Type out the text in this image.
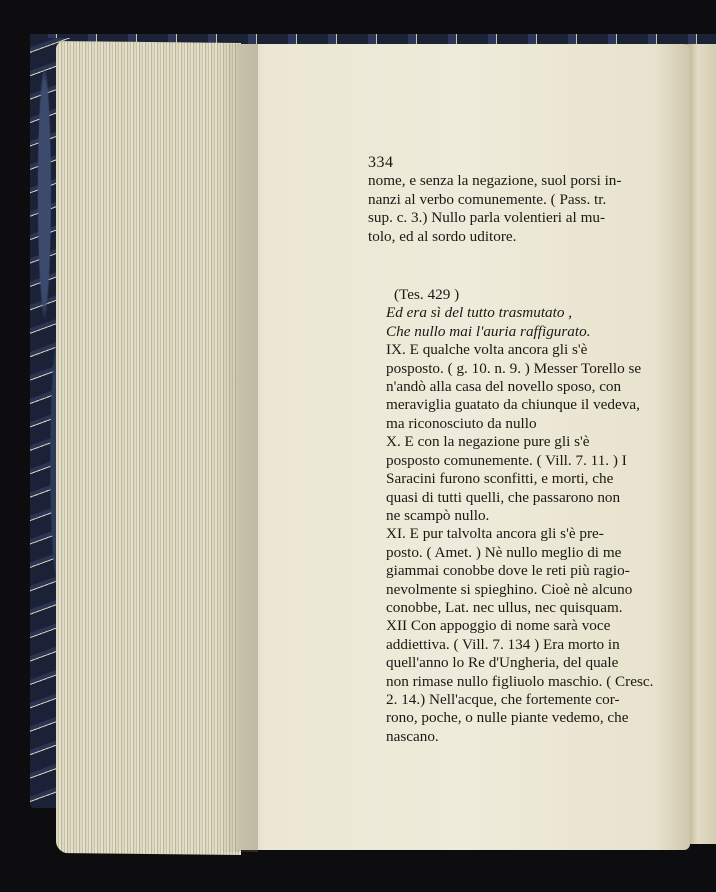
334

nome, e senza la negazione, suol porsi in-
nanzi al verbo comunemente. ( Pass. tr.
sup. c. 3.) Nullo parla volentieri al mu-
tolo, ed al sordo uditore.

(Tes. 429 )
Ed era sì del tutto trasmutato ,
Che nullo mai l'auria raffigurato.

IX. E qualche volta ancora gli s'è
posposto. ( g. 10. n. 9. ) Messer Torello se
n'andò alla casa del novello sposo, con
meraviglia guatato da chiunque il vedeva,
ma riconosciuto da nullo

X. E con la negazione pure gli s'è
posposto comunemente. ( Vill. 7. 11. ) I
Saracini furono sconfitti, e morti, che
quasi di tutti quelli, che passarono non
ne scampò nullo.

XI. E pur talvolta ancora gli s'è pre-
posto. ( Amet. ) Nè nullo meglio di me
giammai conobbe dove le reti più ragio-
nevolmente si spieghino. Cioè nè alcuno
conobbe, Lat. nec ullus, nec quisquam.

XII Con appoggio di nome sarà voce
addiettiva. ( Vill. 7. 134 ) Era morto in
quell'anno lo Re d'Ungheria, del quale
non rimase nullo figliuolo maschio. ( Cresc.
2. 14.) Nell'acque, che fortemente cor-
rono, poche, o nulle piante vedemo, che
nascano.
